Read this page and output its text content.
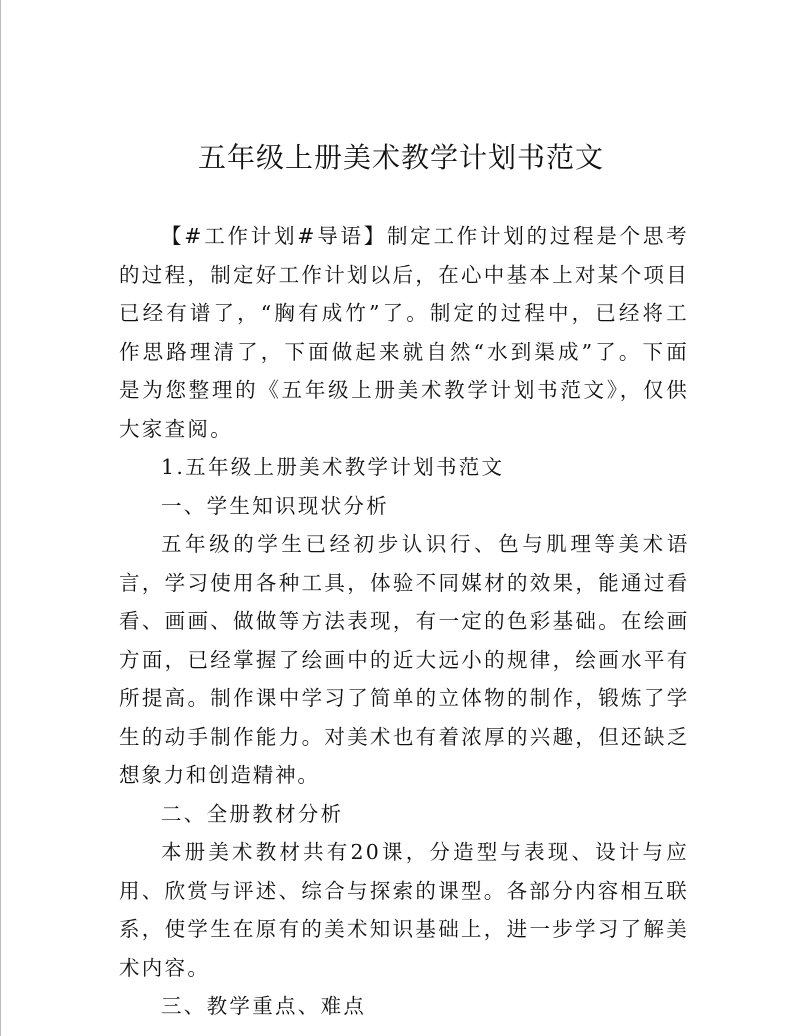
五年级上册美术教学计划书范文

【#工作计划#导语】制定工作计划的过程是个思考的过程，制定好工作计划以后，在心中基本上对某个项目已经有谱了，“胸有成竹”了。制定的过程中，已经将工作思路理清了，下面做起来就自然“水到渠成”了。下面是为您整理的《五年级上册美术教学计划书范文》，仅供大家查阅。

1.五年级上册美术教学计划书范文

一、学生知识现状分析

五年级的学生已经初步认识行、色与肌理等美术语言，学习使用各种工具，体验不同媒材的效果，能通过看看、画画、做做等方法表现，有一定的色彩基础。在绘画方面，已经掌握了绘画中的近大远小的规律，绘画水平有所提高。制作课中学习了简单的立体物的制作，锻炼了学生的动手制作能力。对美术也有着浓厚的兴趣，但还缺乏想象力和创造精神。

二、全册教材分析

本册美术教材共有20课，分造型与表现、设计与应用、欣赏与评述、综合与探索的课型。各部分内容相互联系，使学生在原有的美术知识基础上，进一步学习了解美术内容。

三、教学重点、难点
